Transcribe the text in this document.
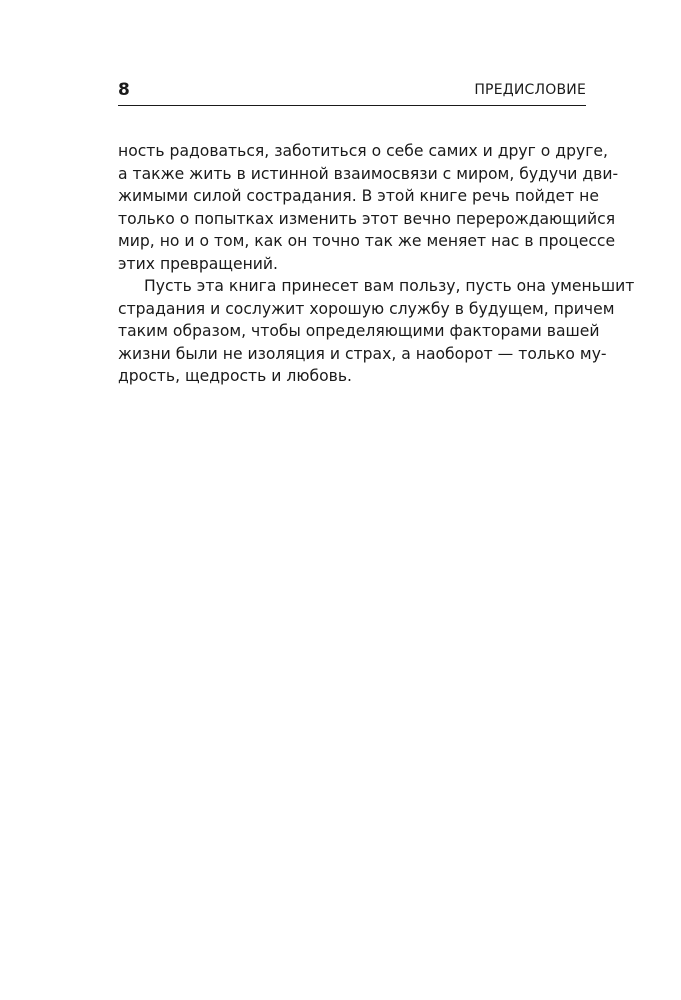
8	ПРЕДИСЛОВИЕ
ность радоваться, заботиться о себе самих и друг о друге,
а также жить в истинной взаимосвязи с миром, будучи дви-
жимыми силой сострадания. В этой книге речь пойдет не
только о попытках изменить этот вечно перерождающийся
мир, но и о том, как он точно так же меняет нас в процессе
этих превращений.
Пусть эта книга принесет вам пользу, пусть она уменьшит
страдания и сослужит хорошую службу в будущем, причем
таким образом, чтобы определяющими факторами вашей
жизни были не изоляция и страх, а наоборот — только му-
дрость, щедрость и любовь.
